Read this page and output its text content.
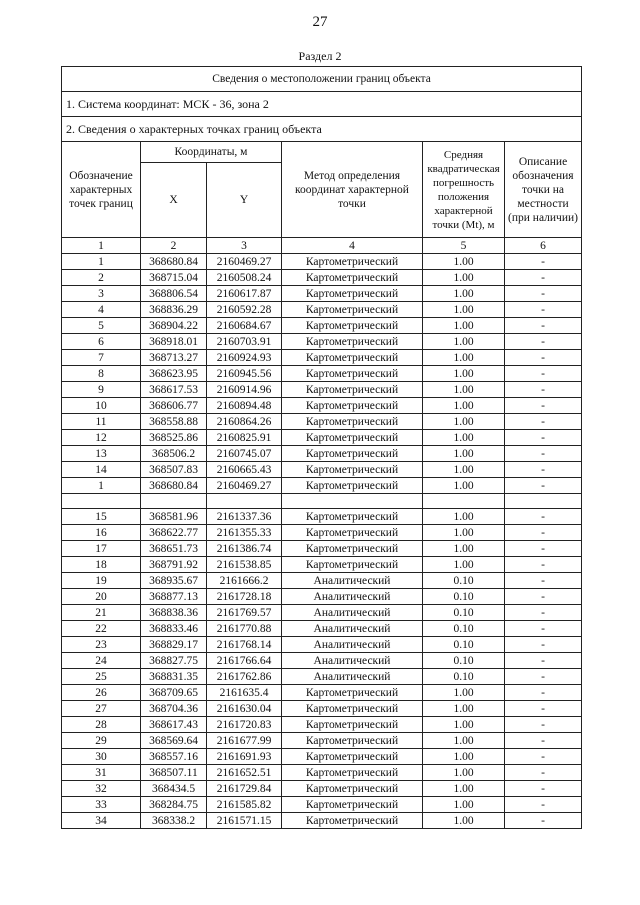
27
Раздел 2
Сведения о местоположении границ объекта					
1. Система координат: МСК - 36, зона 2					
2. Сведения о характерных точках границ объекта					
Обозначение характерных точек границ	Координаты, м		Метод определения координат характерной точки	Средняя квадратическая погрешность положения характерной точки (Mt), м	Описание обозначения точки на местности (при наличии)
	X	Y			
1	2	3	4	5	6
1	368680.84	2160469.27	Картометрический	1.00	-
2	368715.04	2160508.24	Картометрический	1.00	-
3	368806.54	2160617.87	Картометрический	1.00	-
4	368836.29	2160592.28	Картометрический	1.00	-
5	368904.22	2160684.67	Картометрический	1.00	-
6	368918.01	2160703.91	Картометрический	1.00	-
7	368713.27	2160924.93	Картометрический	1.00	-
8	368623.95	2160945.56	Картометрический	1.00	-
9	368617.53	2160914.96	Картометрический	1.00	-
10	368606.77	2160894.48	Картометрический	1.00	-
11	368558.88	2160864.26	Картометрический	1.00	-
12	368525.86	2160825.91	Картометрический	1.00	-
13	368506.2	2160745.07	Картометрический	1.00	-
14	368507.83	2160665.43	Картометрический	1.00	-
1	368680.84	2160469.27	Картометрический	1.00	-

15	368581.96	2161337.36	Картометрический	1.00	-
16	368622.77	2161355.33	Картометрический	1.00	-
17	368651.73	2161386.74	Картометрический	1.00	-
18	368791.92	2161538.85	Картометрический	1.00	-
19	368935.67	2161666.2	Аналитический	0.10	-
20	368877.13	2161728.18	Аналитический	0.10	-
21	368838.36	2161769.57	Аналитический	0.10	-
22	368833.46	2161770.88	Аналитический	0.10	-
23	368829.17	2161768.14	Аналитический	0.10	-
24	368827.75	2161766.64	Аналитический	0.10	-
25	368831.35	2161762.86	Аналитический	0.10	-
26	368709.65	2161635.4	Картометрический	1.00	-
27	368704.36	2161630.04	Картометрический	1.00	-
28	368617.43	2161720.83	Картометрический	1.00	-
29	368569.64	2161677.99	Картометрический	1.00	-
30	368557.16	2161691.93	Картометрический	1.00	-
31	368507.11	2161652.51	Картометрический	1.00	-
32	368434.5	2161729.84	Картометрический	1.00	-
33	368284.75	2161585.82	Картометрический	1.00	-
34	368338.2	2161571.15	Картометрический	1.00	-
